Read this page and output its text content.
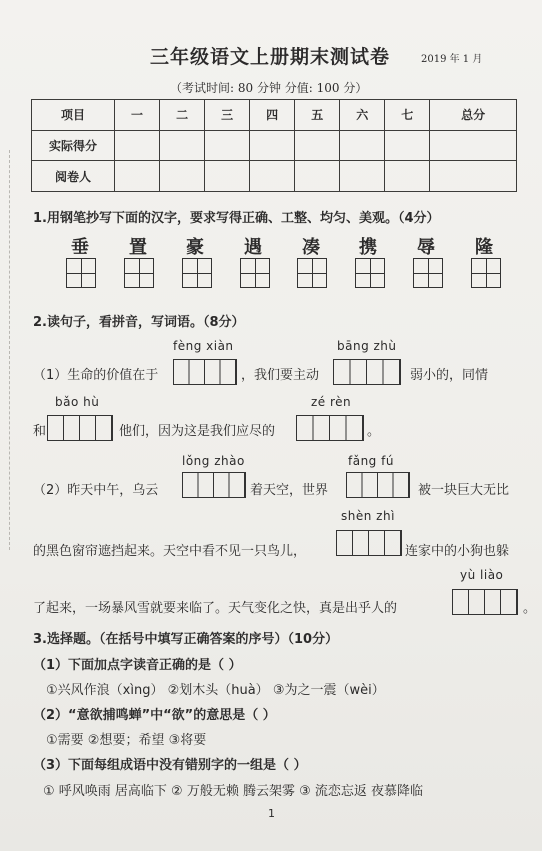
三年级语文上册期末测试卷	2019 年 1 月
（考试时间: 80 分钟 分值: 100 分）
项目	一	二	三	四	五	六	七	总分
实际得分								
阅卷人								
1.用钢笔抄写下面的汉字，要求写得正确、工整、均匀、美观。（4分）
垂 置 豪 遇 凑 携 辱 隆
2.读句子，看拼音，写词语。（8分）
fèng xiàn	bāng zhù
（1）生命的价值在于	，我们要主动	弱小的，同情
bǎo hù	zé rèn
和	他们，因为这是我们应尽的	。
lǒng zhào	fǎng fú
（2）昨天中午，乌云	着天空，世界	被一块巨大无比
shèn zhì
的黑色窗帘遮挡起来。天空中看不见一只鸟儿，	连家中的小狗也躲
yù liào
了起来，一场暴风雪就要来临了。天气变化之快，真是出乎人的	。
3.选择题。（在括号中填写正确答案的序号）（10分）
（1）下面加点字读音正确的是（ ）
①兴风作浪（xìng） ②划木头（huà） ③为之一震（wèi）
（2）“意欲捕鸣蝉”中“欲”的意思是（ ）
①需要 ②想要；希望 ③将要
（3）下面每组成语中没有错别字的一组是（ ）
① 呼风唤雨 居高临下 ② 万般无赖 腾云架雾 ③ 流恋忘返 夜慕降临
1
